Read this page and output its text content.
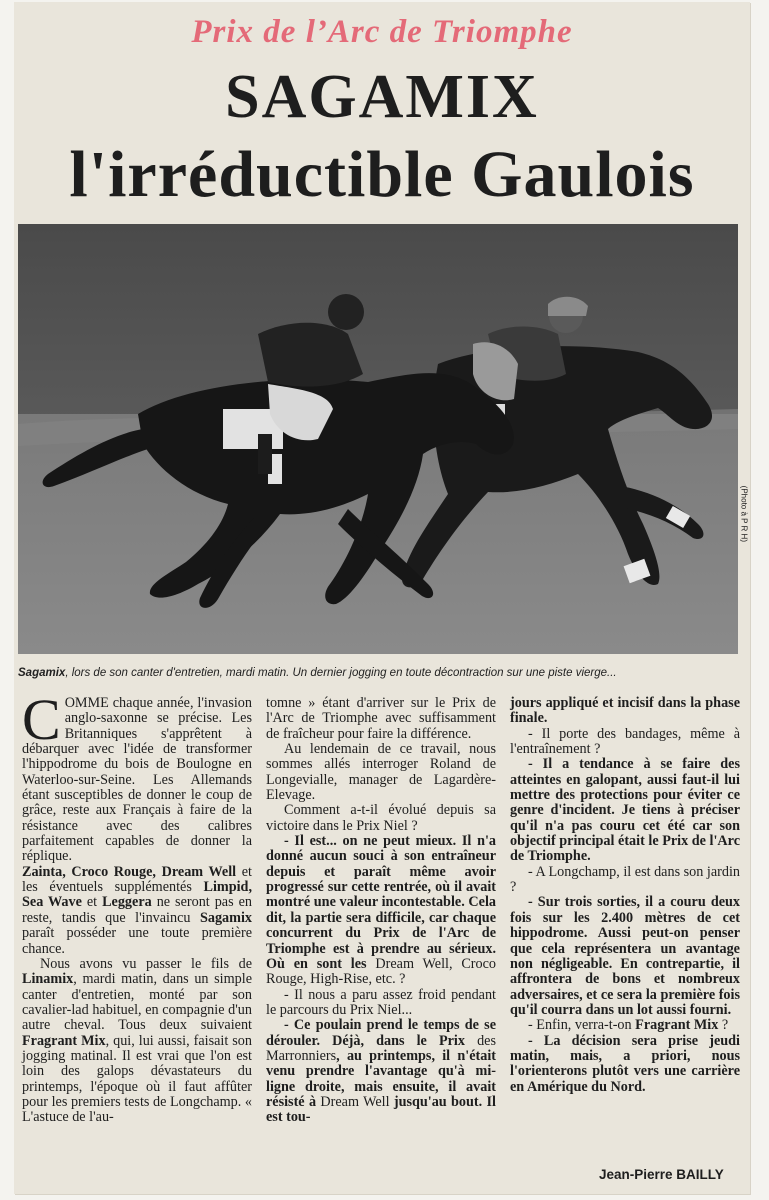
Prix de l’Arc de Triomphe
SAGAMIX
l'irréductible Gaulois
(Photo à P R H)
Sagamix, lors de son canter d'entretien, mardi matin. Un dernier jogging en toute décontraction sur une piste vierge...

COMME chaque année, l'invasion anglo-saxonne se précise. Les Britanniques s'apprêtent à débarquer avec l'idée de transformer l'hippodrome du bois de Boulogne en Waterloo-sur-Seine. Les Allemands étant susceptibles de donner le coup de grâce, reste aux Français à faire de la résistance avec des calibres parfaitement capables de donner la réplique.

Zainta, Croco Rouge, Dream Well et les éventuels supplémentés Limpid, Sea Wave et Leggera ne seront pas en reste, tandis que l'invaincu Sagamix paraît posséder une toute première chance.

Nous avons vu passer le fils de Linamix, mardi matin, dans un simple canter d'entretien, monté par son cavalier-lad habituel, en compagnie d'un autre cheval. Tous deux suivaient Fragrant Mix, qui, lui aussi, faisait son jogging matinal. Il est vrai que l'on est loin des galops dévastateurs du printemps, l'époque où il faut affûter pour les premiers tests de Longchamp. « L'astuce de l'au-

tomne » étant d'arriver sur le Prix de l'Arc de Triomphe avec suffisamment de fraîcheur pour faire la différence.

Au lendemain de ce travail, nous sommes allés interroger Roland de Longevialle, manager de Lagardère-Elevage.

Comment a-t-il évolué depuis sa victoire dans le Prix Niel ?

- Il est... on ne peut mieux. Il n'a donné aucun souci à son entraîneur depuis et paraît même avoir progressé sur cette rentrée, où il avait montré une valeur incontestable. Cela dit, la partie sera difficile, car chaque concurrent du Prix de l'Arc de Triomphe est à prendre au sérieux. Où en sont les Dream Well, Croco Rouge, High-Rise, etc. ?

- Il nous a paru assez froid pendant le parcours du Prix Niel...

- Ce poulain prend le temps de se dérouler. Déjà, dans le Prix des Marronniers, au printemps, il n'était venu prendre l'avantage qu'à mi-ligne droite, mais ensuite, il avait résisté à Dream Well jusqu'au bout. Il est tou-

jours appliqué et incisif dans la phase finale.

- Il porte des bandages, même à l'entraînement ?

- Il a tendance à se faire des atteintes en galopant, aussi faut-il lui mettre des protections pour éviter ce genre d'incident. Je tiens à préciser qu'il n'a pas couru cet été car son objectif principal était le Prix de l'Arc de Triomphe.

- A Longchamp, il est dans son jardin ?

- Sur trois sorties, il a couru deux fois sur les 2.400 mètres de cet hippodrome. Aussi peut-on penser que cela représentera un avantage non négligeable. En contrepartie, il affrontera de bons et nombreux adversaires, et ce sera la première fois qu'il courra dans un lot aussi fourni.

- Enfin, verra-t-on Fragrant Mix ?

- La décision sera prise jeudi matin, mais, a priori, nous l'orienterons plutôt vers une carrière en Amérique du Nord.

Jean-Pierre BAILLY
